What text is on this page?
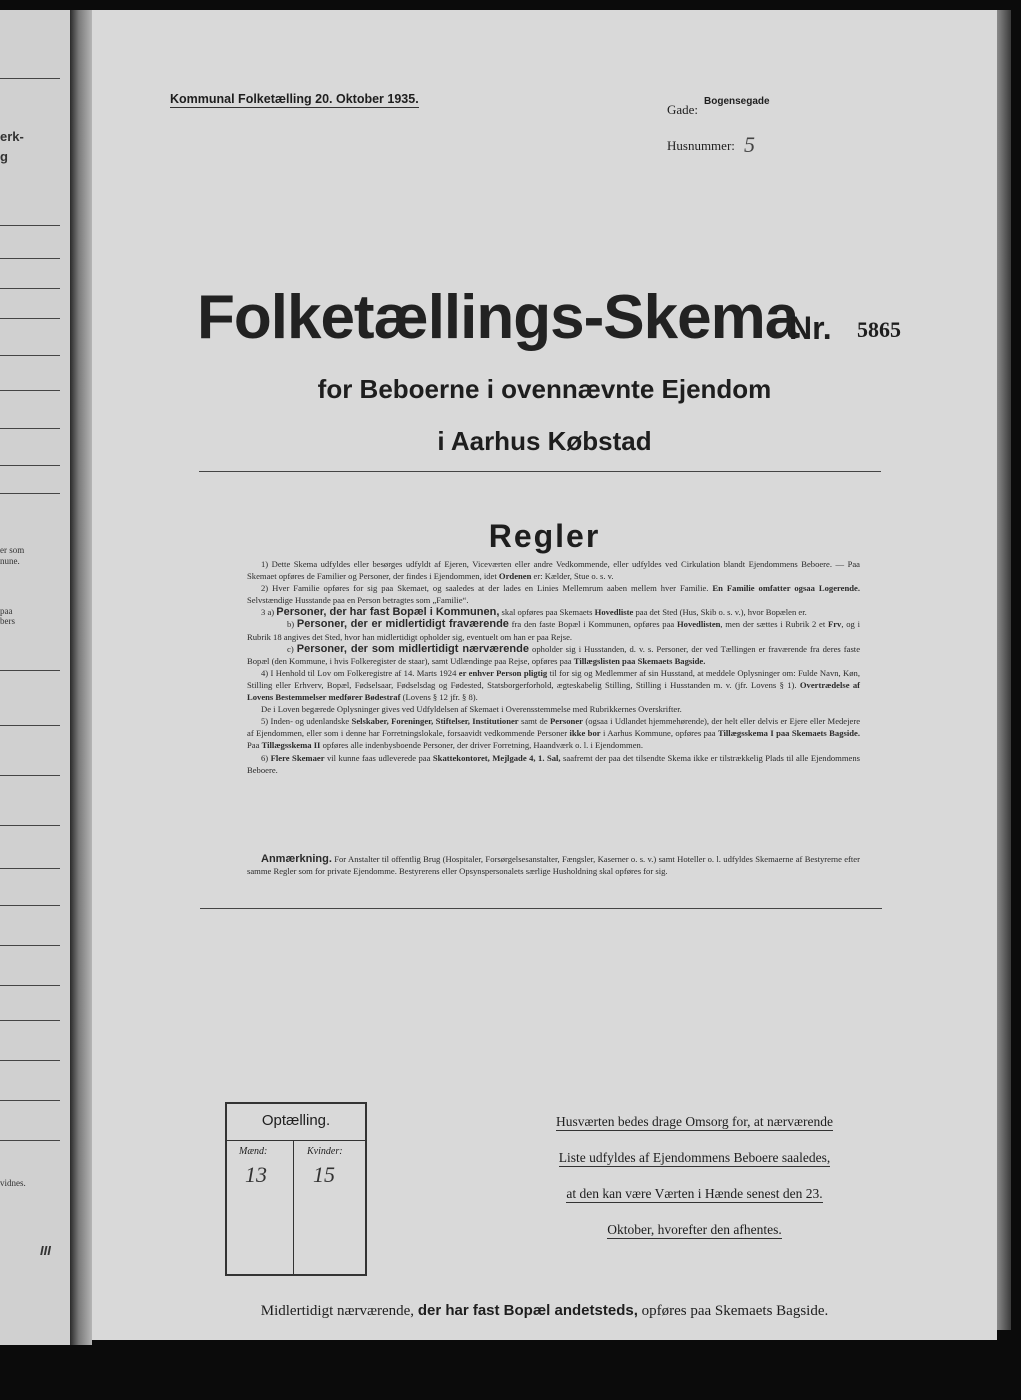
erk-
g
er som
nune.
paa
bers
vidnes.
III
Kommunal Folketælling 20. Oktober 1935.
Gade:
Bogensegade
Husnummer: 5
Folketællings-Skema
Nr. 5865
for Beboerne i ovennævnte Ejendom
i Aarhus Købstad
Regler

1) Dette Skema udfyldes eller besørges udfyldt af Ejeren, Viceværten eller andre Vedkommende, eller udfyldes ved Cirkulation blandt Ejendommens Beboere. — Paa Skemaet opføres de Familier og Personer, der findes i Ejendommen, idet Ordenen er: Kælder, Stue o. s. v.

2) Hver Familie opføres for sig paa Skemaet, og saaledes at der lades en Linies Mellemrum aaben mellem hver Familie. En Familie omfatter ogsaa Logerende. Selvstændige Husstande paa en Person betragtes som „Familie“.

3 a) Personer, der har fast Bopæl i Kommunen, skal opføres paa Skemaets Hovedliste paa det Sted (Hus, Skib o. s. v.), hvor Bopælen er.

b) Personer, der er midlertidigt fraværende fra den faste Bopæl i Kommunen, opføres paa Hovedlisten, men der sættes i Rubrik 2 et Frv, og i Rubrik 18 angives det Sted, hvor han midlertidigt opholder sig, eventuelt om han er paa Rejse.

c) Personer, der som midlertidigt nærværende opholder sig i Husstanden, d. v. s. Personer, der ved Tællingen er fraværende fra deres faste Bopæl (den Kommune, i hvis Folkeregister de staar), samt Udlændinge paa Rejse, opføres paa Tillægslisten paa Skemaets Bagside.

4) I Henhold til Lov om Folkeregistre af 14. Marts 1924 er enhver Person pligtig til for sig og Medlemmer af sin Husstand, at meddele Oplysninger om: Fulde Navn, Køn, Stilling eller Erhverv, Bopæl, Fødselsaar, Fødselsdag og Fødested, Statsborgerforhold, ægteskabelig Stilling, Stilling i Husstanden m. v. (jfr. Lovens § 1). Overtrædelse af Lovens Bestemmelser medfører Bødestraf (Lovens § 12 jfr. § 8).

De i Loven begærede Oplysninger gives ved Udfyldelsen af Skemaet i Overensstemmelse med Rubrikkernes Overskrifter.

5) Inden- og udenlandske Selskaber, Foreninger, Stiftelser, Institutioner samt de Personer (ogsaa i Udlandet hjemmehørende), der helt eller delvis er Ejere eller Medejere af Ejendommen, eller som i denne har Forretningslokale, forsaavidt vedkommende Personer ikke bor i Aarhus Kommune, opføres paa Tillægsskema I paa Skemaets Bagside. Paa Tillægsskema II opføres alle indenbysboende Personer, der driver Forretning, Haandværk o. l. i Ejendommen.

6) Flere Skemaer vil kunne faas udleverede paa Skattekontoret, Mejlgade 4, 1. Sal, saafremt der paa det tilsendte Skema ikke er tilstrækkelig Plads til alle Ejendommens Beboere.

Anmærkning. For Anstalter til offentlig Brug (Hospitaler, Forsørgelsesanstalter, Fængsler, Kaserner o. s. v.) samt Hoteller o. l. udfyldes Skemaerne af Bestyrerne efter samme Regler som for private Ejendomme. Bestyrerens eller Opsynspersonalets særlige Husholdning skal opføres for sig.

Optælling.
Mænd:	Kvinder:
13 15
Husværten bedes drage Omsorg for, at nærværende
Liste udfyldes af Ejendommens Beboere saaledes,
at den kan være Værten i Hænde senest den 23.
Oktober, hvorefter den afhentes.
Midlertidigt nærværende, der har fast Bopæl andetsteds, opføres paa Skemaets Bagside.
